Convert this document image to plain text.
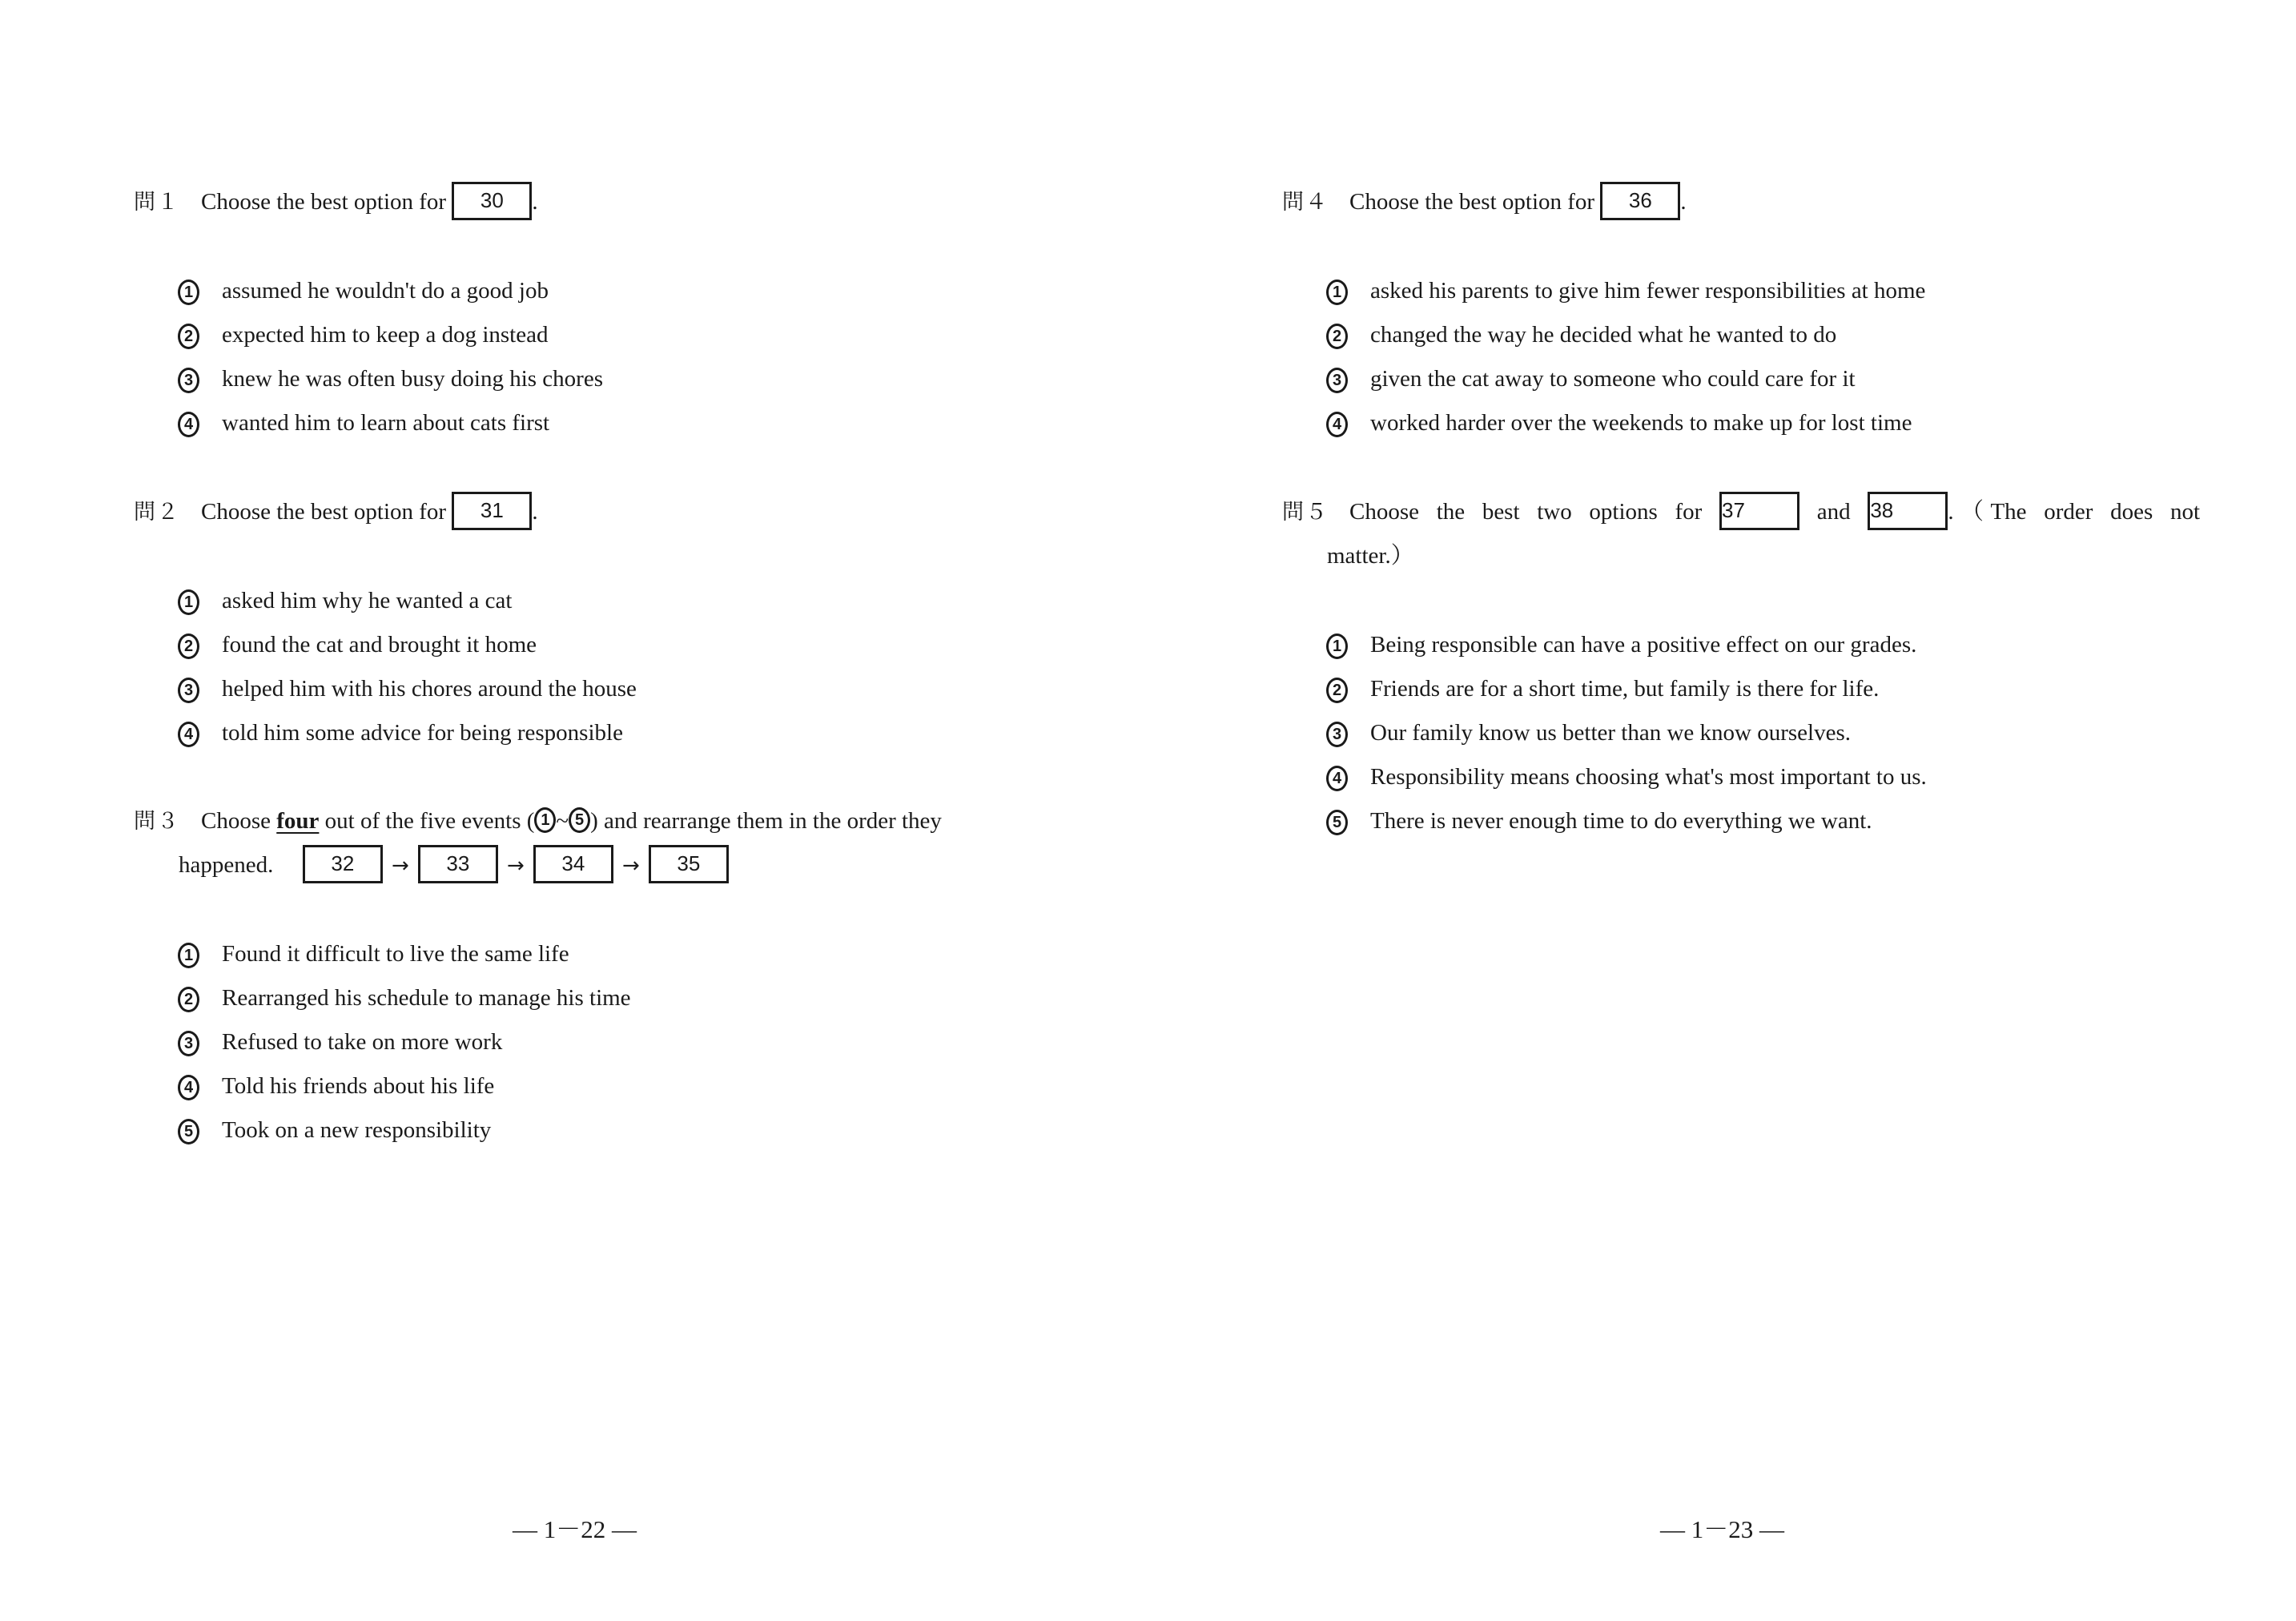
問１ Choose the best option for 30 .
1 assumed he wouldn't do a good job
2 expected him to keep a dog instead
3 knew he was often busy doing his chores
4 wanted him to learn about cats first
問２ Choose the best option for 31 .
1 asked him why he wanted a cat
2 found the cat and brought it home
3 helped him with his chores around the house
4 told him some advice for being responsible
問３ Choose four out of the five events ( 1 ~ 5 ) and rearrange them in the order they
happened.	32 → 33 → 34 → 35
1 Found it difficult to live the same life
2 Rearranged his schedule to manage his time
3 Refused to take on more work
4 Told his friends about his life
5 Took on a new responsibility
— 1－22 —
問４ Choose the best option for 36 .
1 asked his parents to give him fewer responsibilities at home
2 changed the way he decided what he wanted to do
3 given the cat away to someone who could care for it
4 worked harder over the weekends to make up for lost time
問５ Choose the best two options for 37	and 38 .（The order does not
matter.）
1 Being responsible can have a positive effect on our grades.
2 Friends are for a short time, but family is there for life.
3 Our family know us better than we know ourselves.
4 Responsibility means choosing what's most important to us.
5 There is never enough time to do everything we want.
— 1－23 —
